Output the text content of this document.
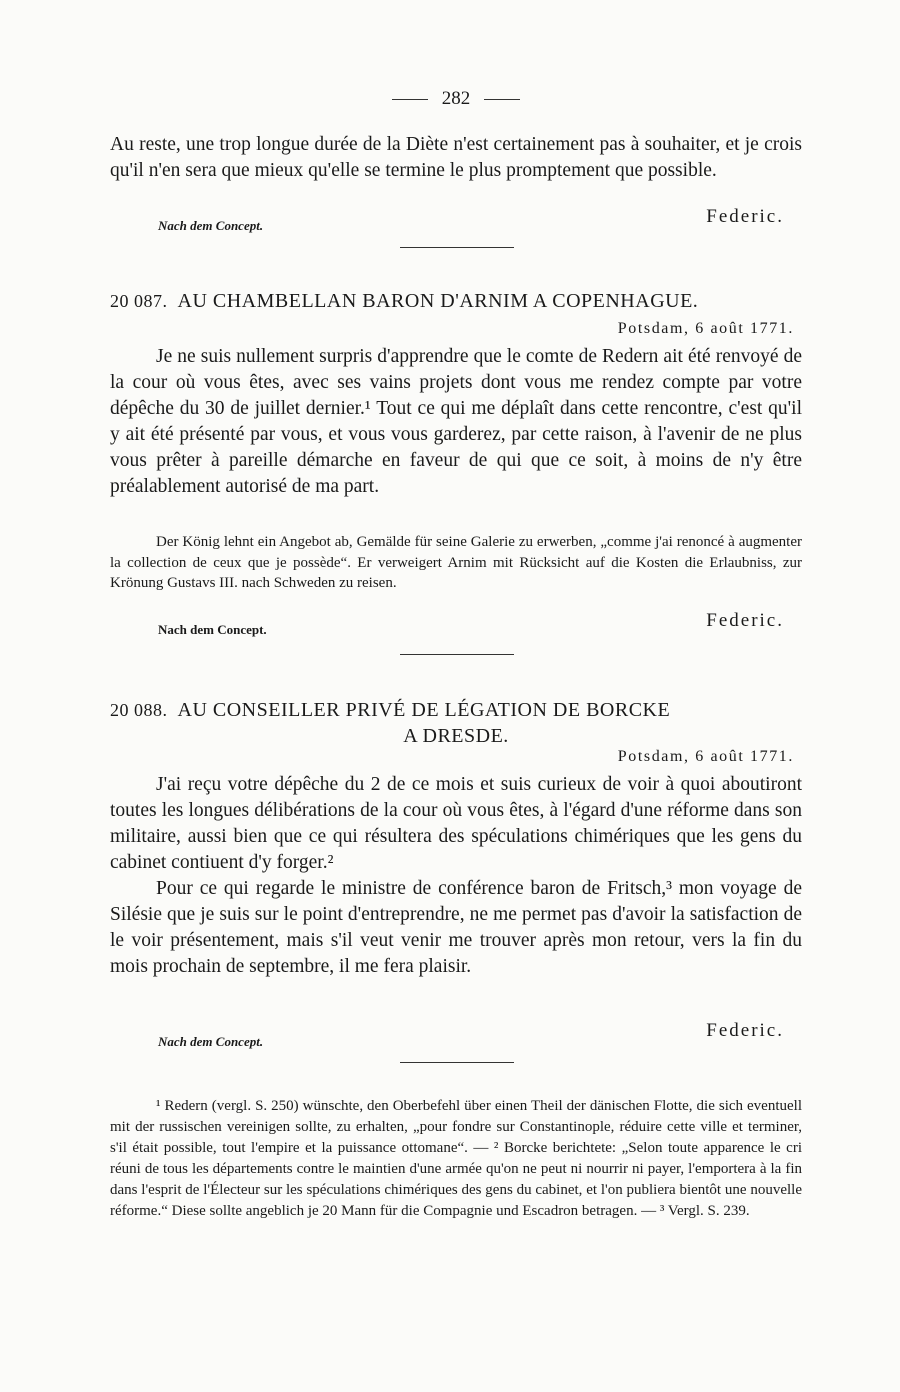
282

Au reste, une trop longue durée de la Diète n'est certainement pas à souhaiter, et je crois qu'il n'en sera que mieux qu'elle se termine le plus promptement que possible.

Nach dem Concept.	Federic.
20 087. AU CHAMBELLAN BARON D'ARNIM A COPENHAGUE.
Potsdam, 6 août 1771.

Je ne suis nullement surpris d'apprendre que le comte de Redern ait été renvoyé de la cour où vous êtes, avec ses vains projets dont vous me rendez compte par votre dépêche du 30 de juillet dernier.¹ Tout ce qui me déplaît dans cette rencontre, c'est qu'il y ait été présenté par vous, et vous vous garderez, par cette raison, à l'avenir de ne plus vous prêter à pareille démarche en faveur de qui que ce soit, à moins de n'y être préalablement autorisé de ma part.

Der König lehnt ein Angebot ab, Gemälde für seine Galerie zu erwerben, „comme j'ai renoncé à augmenter la collection de ceux que je possède“. Er verweigert Arnim mit Rücksicht auf die Kosten die Erlaubniss, zur Krönung Gustavs III. nach Schweden zu reisen.

Nach dem Concept.	Federic.
20 088. AU CONSEILLER PRIVÉ DE LÉGATION DE BORCKE
A DRESDE.
Potsdam, 6 août 1771.

J'ai reçu votre dépêche du 2 de ce mois et suis curieux de voir à quoi aboutiront toutes les longues délibérations de la cour où vous êtes, à l'égard d'une réforme dans son militaire, aussi bien que ce qui résultera des spéculations chimériques que les gens du cabinet contiuent d'y forger.²

Pour ce qui regarde le ministre de conférence baron de Fritsch,³ mon voyage de Silésie que je suis sur le point d'entreprendre, ne me permet pas d'avoir la satisfaction de le voir présentement, mais s'il veut venir me trouver après mon retour, vers la fin du mois prochain de septembre, il me fera plaisir.

Nach dem Concept.
Federic.

¹ Redern (vergl. S. 250) wünschte, den Oberbefehl über einen Theil der dänischen Flotte, die sich eventuell mit der russischen vereinigen sollte, zu erhalten, „pour fondre sur Constantinople, réduire cette ville et terminer, s'il était possible, tout l'empire et la puissance ottomane“. — ² Borcke berichtete: „Selon toute apparence le cri réuni de tous les départements contre le maintien d'une armée qu'on ne peut ni nourrir ni payer, l'emportera à la fin dans l'esprit de l'Électeur sur les spéculations chimériques des gens du cabinet, et l'on publiera bientôt une nouvelle réforme.“ Diese sollte angeblich je 20 Mann für die Compagnie und Escadron betragen. — ³ Vergl. S. 239.
